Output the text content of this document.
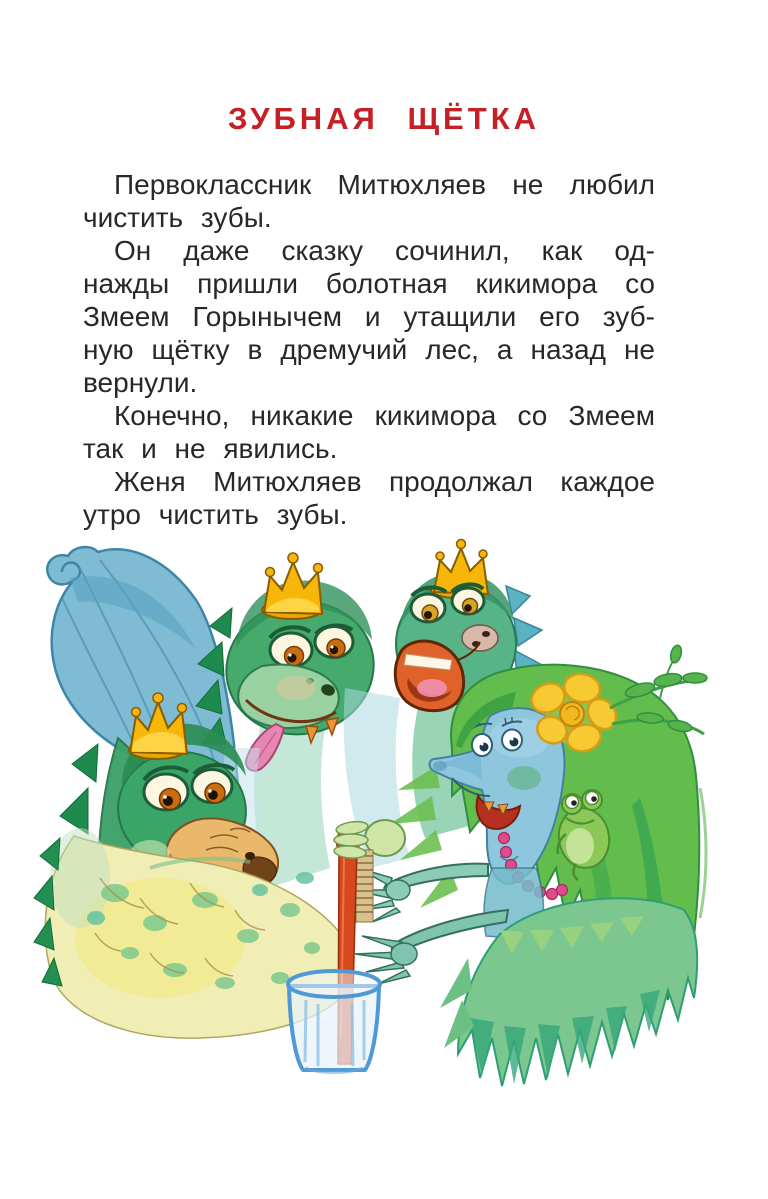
ЗУБНАЯ ЩЁТКА

Первоклассник Митюхляев не любил чистить зубы.

Он даже сказку сочинил, как однажды пришли болотная кикимора со Змеем Горынычем и утащили его зубную щётку в дремучий лес, а назад не вернули.

Конечно, никакие кикимора со Змеем так и не явились.

Женя Митюхляев продолжал каждое утро чистить зубы.
